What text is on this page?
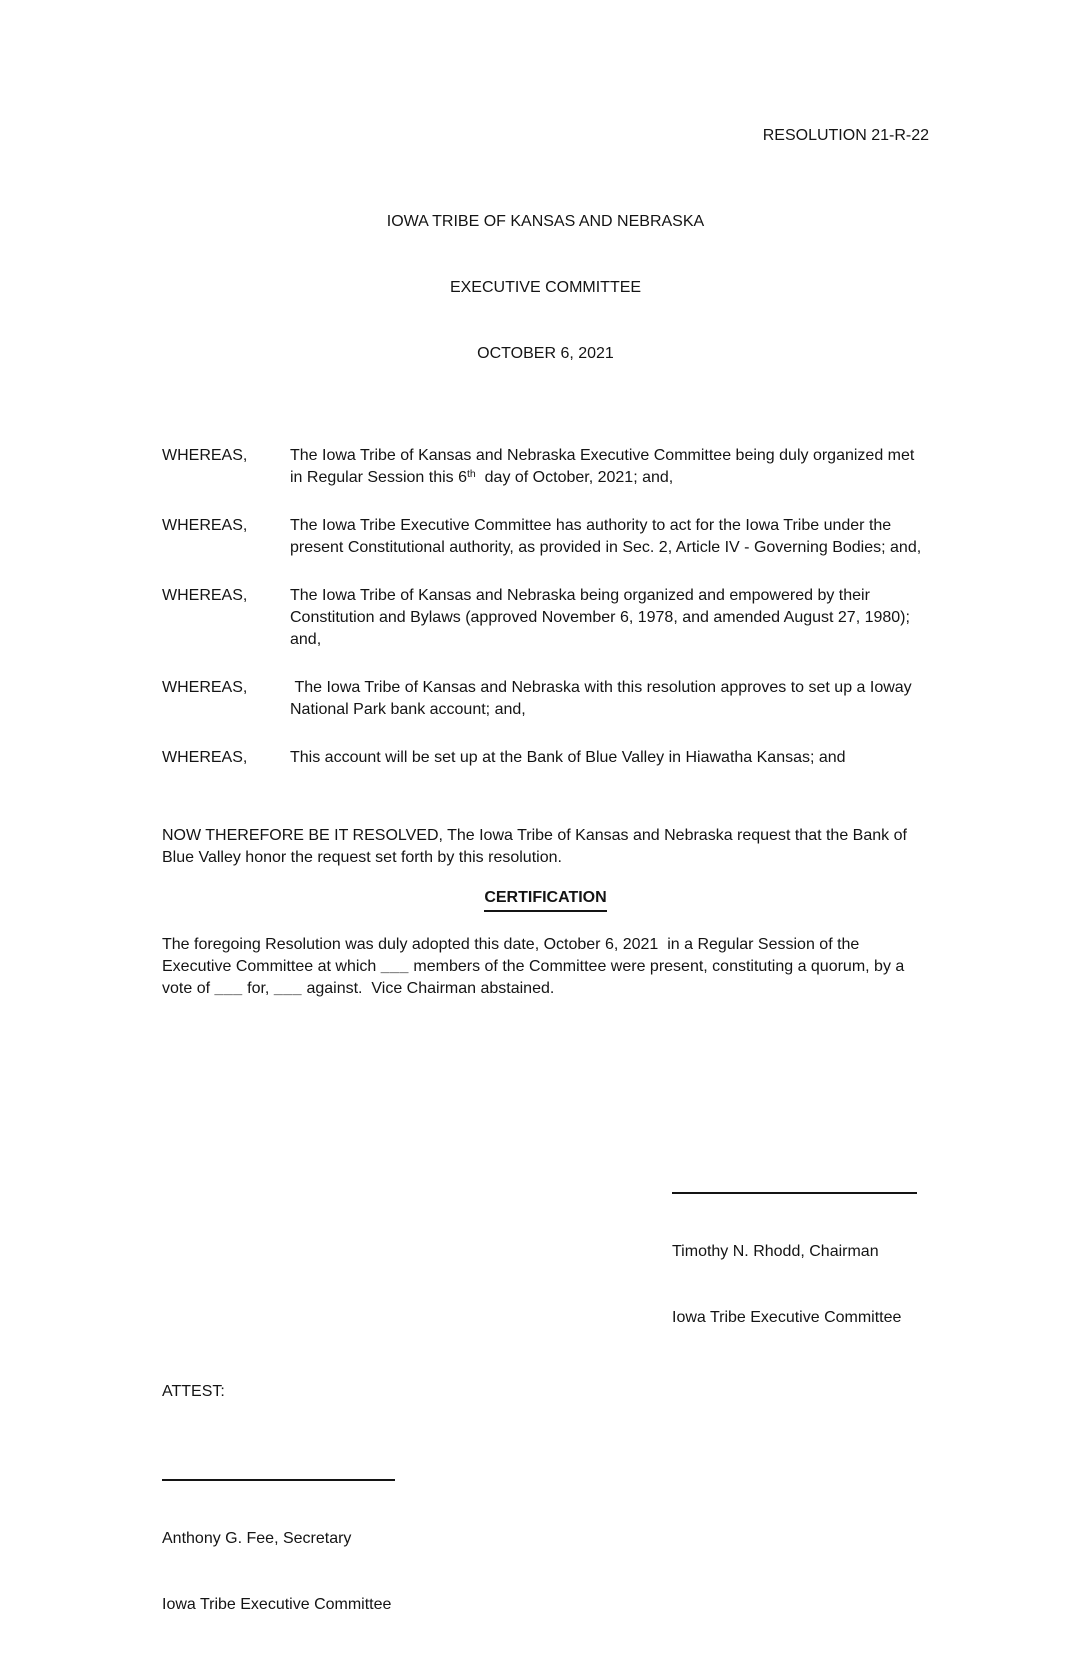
RESOLUTION 21-R-22

IOWA TRIBE OF KANSAS AND NEBRASKA

EXECUTIVE COMMITTEE

OCTOBER 6, 2021

WHEREAS,	The Iowa Tribe of Kansas and Nebraska Executive Committee being duly organized met in Regular Session this 6th  day of October, 2021; and,
WHEREAS,	The Iowa Tribe Executive Committee has authority to act for the Iowa Tribe under the present Constitutional authority, as provided in Sec. 2, Article IV - Governing Bodies; and,
WHEREAS,	The Iowa Tribe of Kansas and Nebraska being organized and empowered by their Constitution and Bylaws (approved November 6, 1978, and amended August 27, 1980); and,
WHEREAS,	The Iowa Tribe of Kansas and Nebraska with this resolution approves to set up a Ioway National Park bank account; and,
WHEREAS,	This account will be set up at the Bank of Blue Valley in Hiawatha Kansas; and

NOW THEREFORE BE IT RESOLVED, The Iowa Tribe of Kansas and Nebraska request that the Bank of Blue Valley honor the request set forth by this resolution.

CERTIFICATION

The foregoing Resolution was duly adopted this date, October 6, 2021  in a Regular Session of the Executive Committee at which ___ members of the Committee were present, constituting a quorum, by a vote of ___ for, ___ against.  Vice Chairman abstained.

Timothy N. Rhodd, Chairman

Iowa Tribe Executive Committee

ATTEST:

Anthony G. Fee, Secretary

Iowa Tribe Executive Committee
